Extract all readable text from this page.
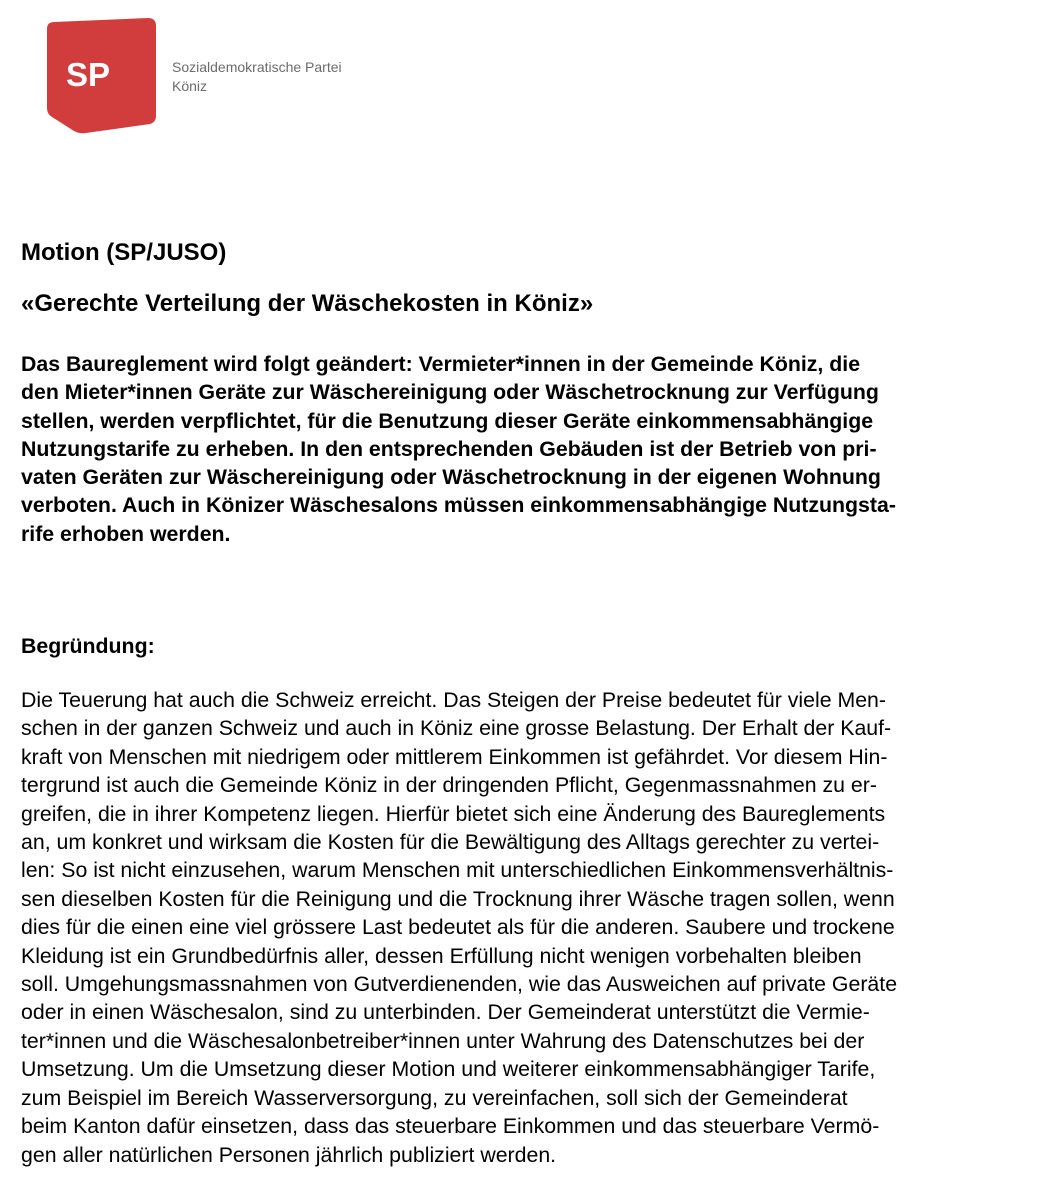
SP	Sozialdemokratische Partei
Köniz
Motion (SP/JUSO)
«Gerechte Verteilung der Wäschekosten in Köniz»
Das Baureglement wird folgt geändert: Vermieter*innen in der Gemeinde Köniz, die
den Mieter*innen Geräte zur Wäschereinigung oder Wäschetrocknung zur Verfügung
stellen, werden verpflichtet, für die Benutzung dieser Geräte einkommensabhängige
Nutzungstarife zu erheben. In den entsprechenden Gebäuden ist der Betrieb von pri-
vaten Geräten zur Wäschereinigung oder Wäschetrocknung in der eigenen Wohnung
verboten. Auch in Könizer Wäschesalons müssen einkommensabhängige Nutzungsta-
rife erhoben werden.
Begründung:
Die Teuerung hat auch die Schweiz erreicht. Das Steigen der Preise bedeutet für viele Men-
schen in der ganzen Schweiz und auch in Köniz eine grosse Belastung. Der Erhalt der Kauf-
kraft von Menschen mit niedrigem oder mittlerem Einkommen ist gefährdet. Vor diesem Hin-
tergrund ist auch die Gemeinde Köniz in der dringenden Pflicht, Gegenmassnahmen zu er-
greifen, die in ihrer Kompetenz liegen. Hierfür bietet sich eine Änderung des Baureglements
an, um konkret und wirksam die Kosten für die Bewältigung des Alltags gerechter zu vertei-
len: So ist nicht einzusehen, warum Menschen mit unterschiedlichen Einkommensverhältnis-
sen dieselben Kosten für die Reinigung und die Trocknung ihrer Wäsche tragen sollen, wenn
dies für die einen eine viel grössere Last bedeutet als für die anderen. Saubere und trockene
Kleidung ist ein Grundbedürfnis aller, dessen Erfüllung nicht wenigen vorbehalten bleiben
soll. Umgehungsmassnahmen von Gutverdienenden, wie das Ausweichen auf private Geräte
oder in einen Wäschesalon, sind zu unterbinden. Der Gemeinderat unterstützt die Vermie-
ter*innen und die Wäschesalonbetreiber*innen unter Wahrung des Datenschutzes bei der
Umsetzung. Um die Umsetzung dieser Motion und weiterer einkommensabhängiger Tarife,
zum Beispiel im Bereich Wasserversorgung, zu vereinfachen, soll sich der Gemeinderat
beim Kanton dafür einsetzen, dass das steuerbare Einkommen und das steuerbare Vermö-
gen aller natürlichen Personen jährlich publiziert werden.
